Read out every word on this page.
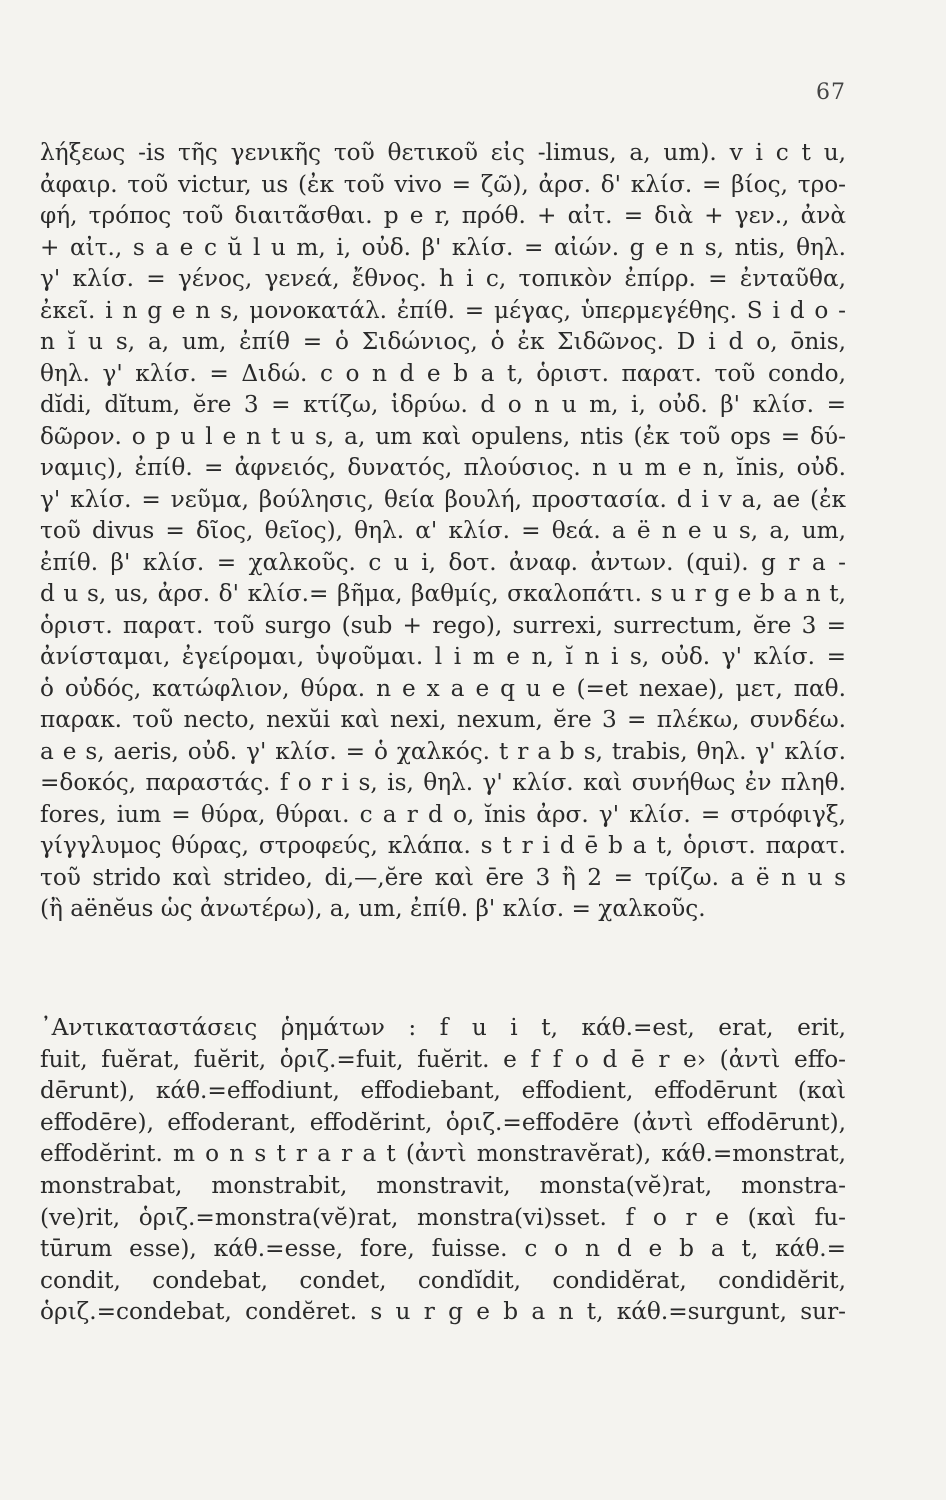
67
λήξεως -is τῆς γενικῆς τοῦ θετικοῦ εἰς -limus, a, um). v i c t u,
ἀφαιρ. τοῦ victur, us (ἐκ τοῦ vivo = ζῶ), ἀρσ. δ' κλίσ. = βίος, τρο-
φή, τρόπος τοῦ διαιτᾶσθαι. p e r, πρόθ. + αἰτ. = διὰ + γεν., ἀνὰ
+ αἰτ., s a e c ŭ l u m, i, οὐδ. β' κλίσ. = αἰών. g e n s, ntis, θηλ.
γ' κλίσ. = γένος, γενεά, ἔθνος. h i c, τοπικὸν ἐπίρρ. = ἐνταῦθα,
ἐκεῖ. i n g e n s, μονοκατάλ. ἐπίθ. = μέγας, ὑπερμεγέθης. S i d o -
n ĭ u s, a, um, ἐπίθ = ὁ Σιδώνιος, ὁ ἐκ Σιδῶνος. D i d o, ōnis,
θηλ. γ' κλίσ. = Διδώ. c o n d e b a t, ὁριστ. παρατ. τοῦ condo,
dĭdi, dĭtum, ĕre 3 = κτίζω, ἱδρύω. d o n u m, i, οὐδ. β' κλίσ. =
δῶρον. o p u l e n t u s, a, um καὶ opulens, ntis (ἐκ τοῦ ops = δύ-
ναμις), ἐπίθ. = ἀφνειός, δυνατός, πλούσιος. n u m e n, ĭnis, οὐδ.
γ' κλίσ. = νεῦμα, βούλησις, θεία βουλή, προστασία. d i v a, ae (ἐκ
τοῦ divus = δῖος, θεῖος), θηλ. α' κλίσ. = θεά. a ë n e u s, a, um,
ἐπίθ. β' κλίσ. = χαλκοῦς. c u i, δοτ. ἀναφ. ἀντων. (qui). g r a -
d u s, us, ἀρσ. δ' κλίσ.= βῆμα, βαθμίς, σκαλοπάτι. s u r g e b a n t,
ὁριστ. παρατ. τοῦ surgo (sub + rego), surrexi, surrectum, ĕre 3 =
ἀνίσταμαι, ἐγείρομαι, ὑψοῦμαι. l i m e n, ĭ n i s, οὐδ. γ' κλίσ. =
ὁ οὐδός, κατώφλιον, θύρα. n e x a e q u e (=et nexae), μετ, παθ.
παρακ. τοῦ necto, nexŭi καὶ nexi, nexum, ĕre 3 = πλέκω, συνδέω.
a e s, aeris, οὐδ. γ' κλίσ. = ὁ χαλκός. t r a b s, trabis, θηλ. γ' κλίσ.
=δοκός, παραστάς. f o r i s, is, θηλ. γ' κλίσ. καὶ συνήθως ἐν πληθ.
fores, ium = θύρα, θύραι. c a r d o, ĭnis ἀρσ. γ' κλίσ. = στρόφιγξ,
γίγγλυμος θύρας, στροφεύς, κλάπα. s t r i d ē b a t, ὁριστ. παρατ.
τοῦ strido καὶ strideo, di,—,ĕre καὶ ēre 3 ἢ 2 = τρίζω. a ë n u s
(ἢ aënĕus ὡς ἀνωτέρω), a, um, ἐπίθ. β' κλίσ. = χαλκοῦς.
᾿Αντικαταστάσεις ῥημάτων : f u i t, κάθ.=est, erat, erit,
fuit, fuĕrat, fuĕrit, ὁριζ.=fuit, fuĕrit. e f f o d ē r e› (ἀντὶ effo-
dērunt), κάθ.=effodiunt, effodiebant, effodient, effodērunt (καὶ
effodēre), effoderant, effodĕrint, ὁριζ.=effodēre (ἀντὶ effodērunt),
effodĕrint. m o n s t r a r a t (ἀντὶ monstravĕrat), κάθ.=monstrat,
monstrabat, monstrabit, monstravit, monsta(vĕ)rat, monstra-
(ve)rit, ὁριζ.=monstra(vĕ)rat, monstra(vi)sset. f o r e (καὶ fu-
tūrum esse), κάθ.=esse, fore, fuisse. c o n d e b a t, κάθ.=
condit, condebat, condet, condĭdit, condidĕrat, condidĕrit,
ὁριζ.=condebat, condĕret. s u r g e b a n t, κάθ.=surgunt, sur-
